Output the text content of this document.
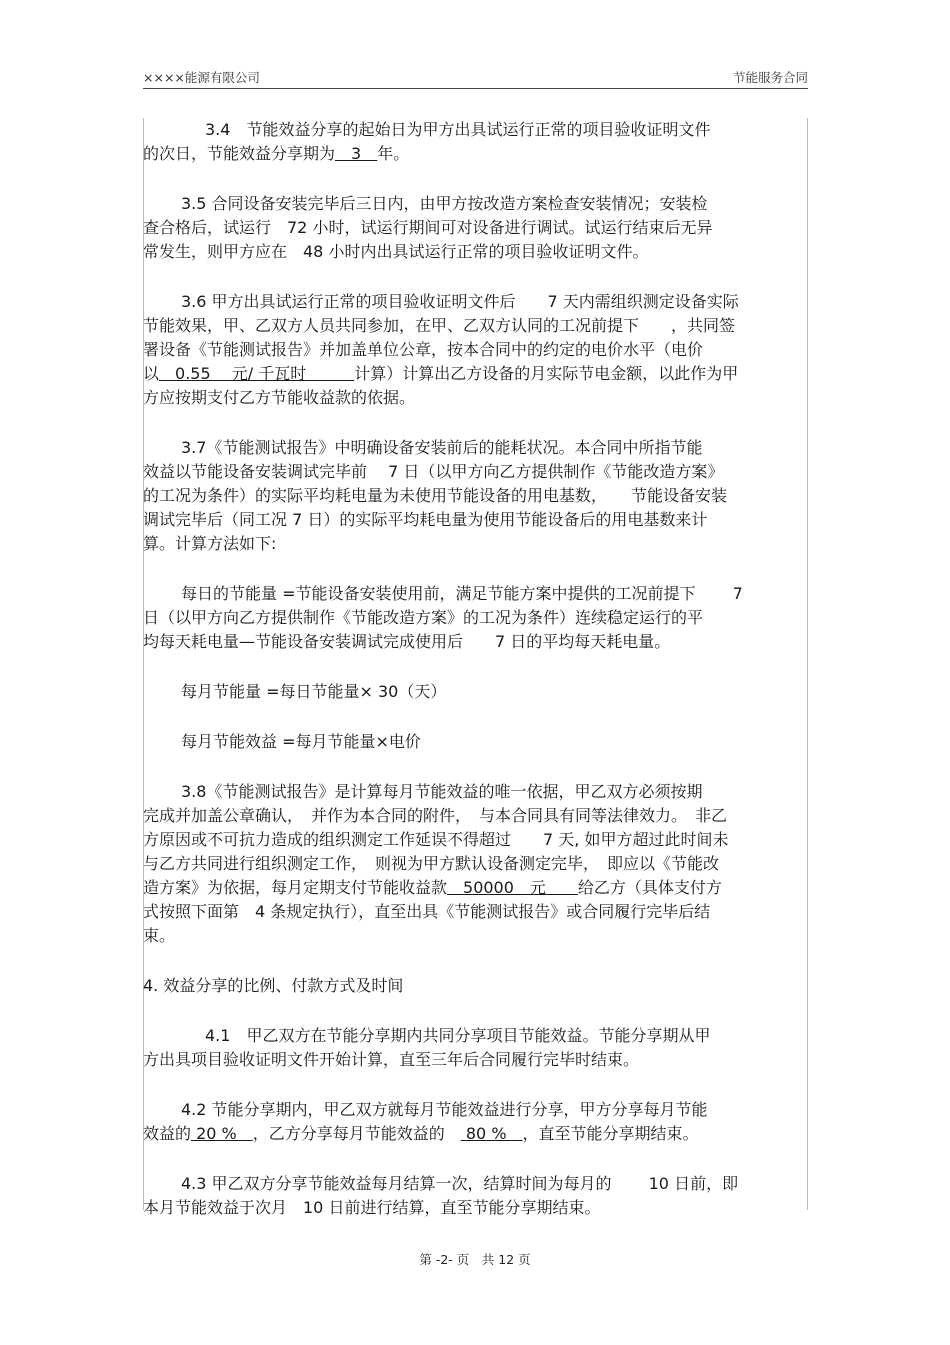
××××能源有限公司	节能服务合同
3.4　节能效益分享的起始日为甲方出具试运行正常的项目验收证明文件
的次日，节能效益分享期为　3　年。
3.5 合同设备安装完毕后三日内，由甲方按改造方案检查安装情况；安装检
查合格后，试运行　72 小时，试运行期间可对设备进行调试。试运行结束后无异
常发生，则甲方应在　48 小时内出具试运行正常的项目验收证明文件。
3.6 甲方出具试运行正常的项目验收证明文件后　　7 天内需组织测定设备实际
节能效果，甲、乙双方人员共同参加，在甲、乙双方认同的工况前提下　　，共同签
署设备《节能测试报告》并加盖单位公章，按本合同中的约定的电价水平（电价
以　0.55　 元/ 千瓦时　　　计算）计算出乙方设备的月实际节电金额，以此作为甲
方应按期支付乙方节能收益款的依据。
3.7《节能测试报告》中明确设备安装前后的能耗状况。本合同中所指节能
效益以节能设备安装调试完毕前　 7 日（以甲方向乙方提供制作《节能改造方案》
的工况为条件）的实际平均耗电量为未使用节能设备的用电基数，　　节能设备安装
调试完毕后（同工况 7 日）的实际平均耗电量为使用节能设备后的用电基数来计
算。计算方法如下:
每日的节能量 =节能设备安装使用前，满足节能方案中提供的工况前提下　　 7
日（以甲方向乙方提供制作《节能改造方案》的工况为条件）连续稳定运行的平
均每天耗电量—节能设备安装调试完成使用后　　7 日的平均每天耗电量。
每月节能量 =每日节能量× 30（天）
每月节能效益 =每月节能量×电价
3.8《节能测试报告》是计算每月节能效益的唯一依据，甲乙双方必须按期
完成并加盖公章确认，　并作为本合同的附件，　与本合同具有同等法律效力。　非乙
方原因或不可抗力造成的组织测定工作延误不得超过　　7 天, 如甲方超过此时间未
与乙方共同进行组织测定工作，　则视为甲方默认设备测定完毕，　即应以《节能改
造方案》为依据，每月定期支付节能收益款　50000　元　　给乙方（具体支付方
式按照下面第　4 条规定执行），直至出具《节能测试报告》或合同履行完毕后结
束。
4. 效益分享的比例、付款方式及时间
4.1　甲乙双方在节能分享期内共同分享项目节能效益。节能分享期从甲
方出具项目验收证明文件开始计算，直至三年后合同履行完毕时结束。
4.2 节能分享期内，甲乙双方就每月节能效益进行分享，甲方分享每月节能
效益的 20 %　，乙方分享每月节能效益的　 80 %　，直至节能分享期结束。
4.3 甲乙双方分享节能效益每月结算一次，结算时间为每月的　　 10 日前，即
本月节能效益于次月　10 日前进行结算，直至节能分享期结束。
第 -2- 页　共 12 页
